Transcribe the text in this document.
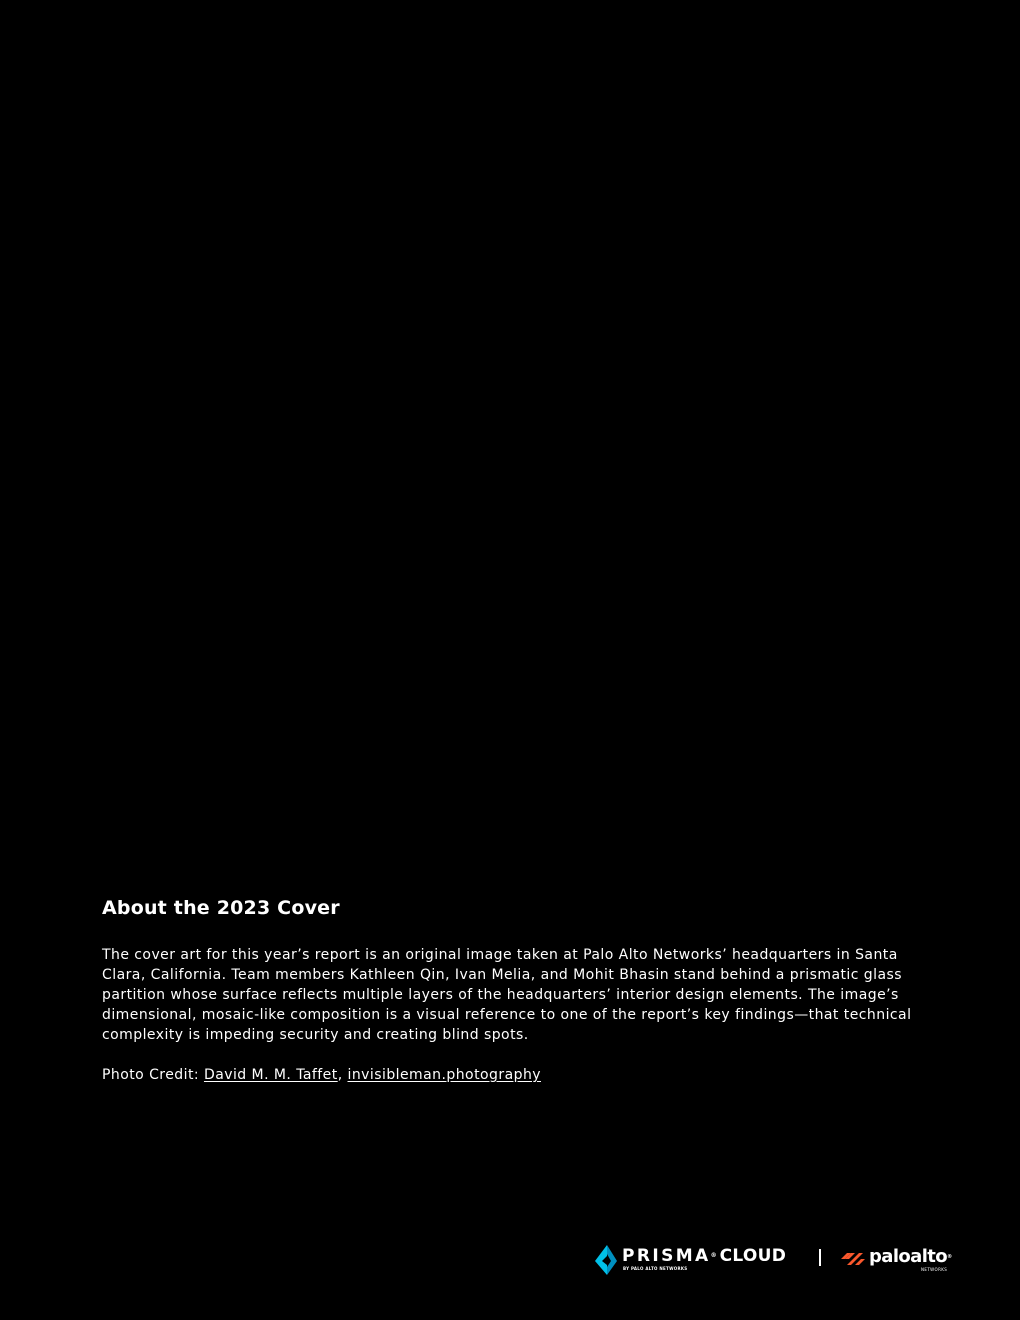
About the 2023 Cover

The cover art for this year’s report is an original image taken at Palo Alto Networks’ headquarters in Santa Clara, California. Team members Kathleen Qin, Ivan Melia, and Mohit Bhasin stand behind a prismatic glass partition whose surface reflects multiple layers of the headquarters’ interior design elements. The image’s dimensional, mosaic-like composition is a visual reference to one of the report’s key findings—that technical complexity is impeding security and creating blind spots.

Photo Credit: David M. M. Taffet, invisibleman.photography

PRISMA® CLOUD
BY PALO ALTO NETWORKS
paloalto®
NETWORKS
